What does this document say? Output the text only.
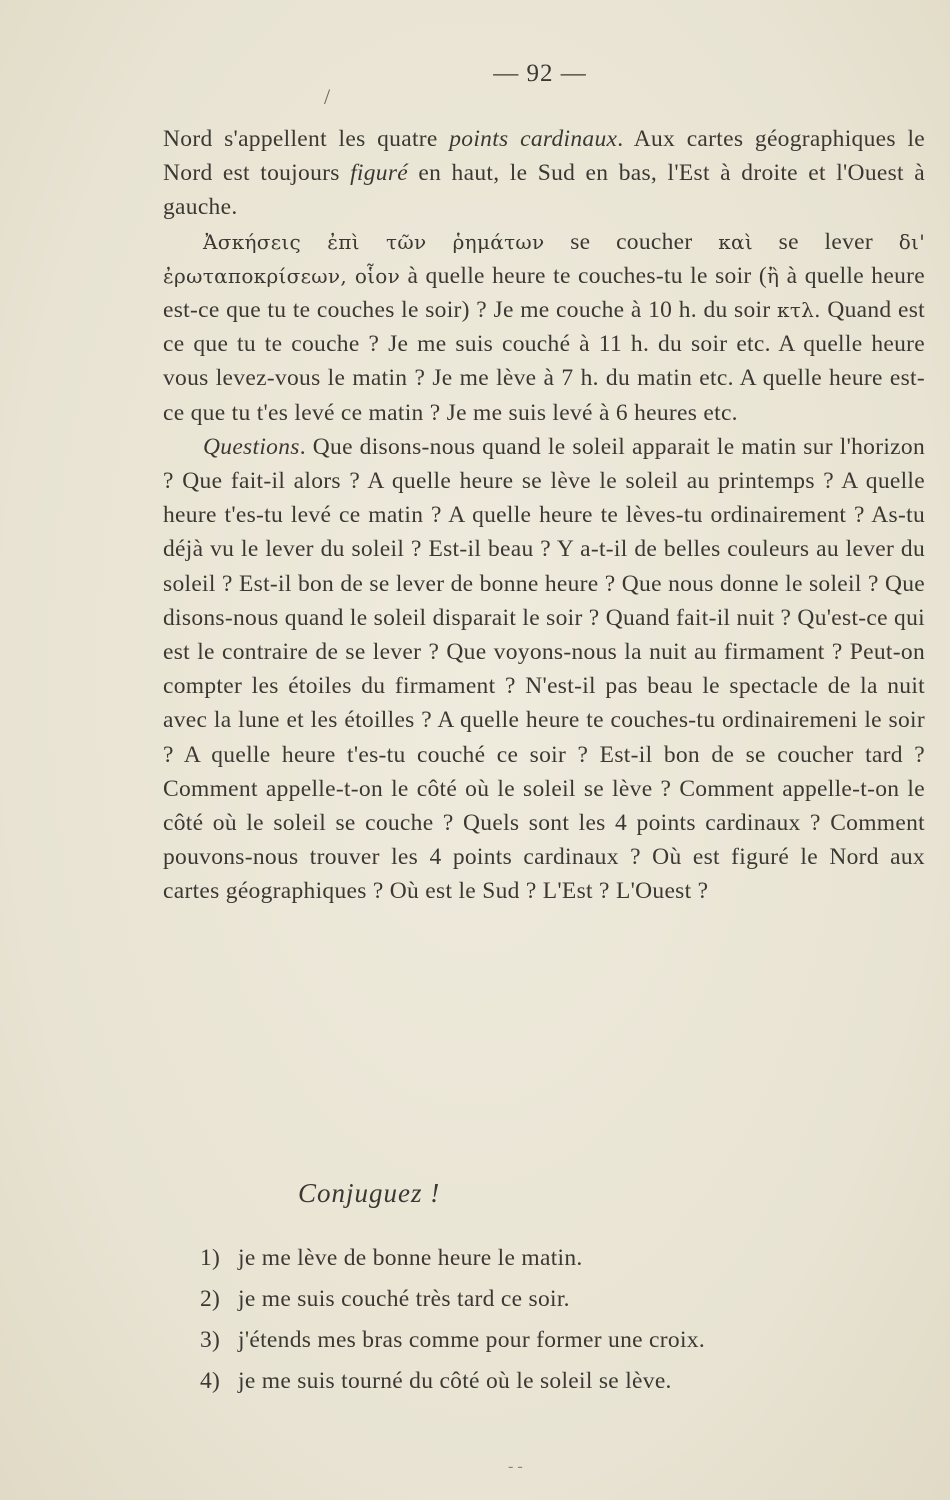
— 92 —
/

Nord s'appellent les quatre points cardinaux. Aux cartes géographiques le Nord est toujours figuré en haut, le Sud en bas, l'Est à droite et l'Ouest à gauche.

Ἀσκήσεις ἐπὶ τῶν ῥημάτων se coucher καὶ se lever δι' ἐρωταποκρίσεων, οἷον à quelle heure te couches-tu le soir (ἢ à quelle heure est-ce que tu te couches le soir) ? Je me couche à 10 h. du soir κτλ. Quand est ce que tu te couche ? Je me suis couché à 11 h. du soir etc. A quelle heure vous levez-vous le matin ? Je me lève à 7 h. du matin etc. A quelle heure est-ce que tu t'es levé ce matin ? Je me suis levé à 6 heures etc.

Questions. Que disons-nous quand le soleil apparait le matin sur l'horizon ? Que fait-il alors ? A quelle heure se lève le soleil au printemps ? A quelle heure t'es-tu levé ce matin ? A quelle heure te lèves-tu ordinairement ? As-tu déjà vu le lever du soleil ? Est-il beau ? Y a-t-il de belles couleurs au lever du soleil ? Est-il bon de se lever de bonne heure ? Que nous donne le soleil ? Que disons-nous quand le soleil disparait le soir ? Quand fait-il nuit ? Qu'est-ce qui est le contraire de se lever ? Que voyons-nous la nuit au firmament ? Peut-on compter les étoiles du firmament ? N'est-il pas beau le spectacle de la nuit avec la lune et les étoilles ? A quelle heure te couches-tu ordinairemeni le soir ? A quelle heure t'es-tu couché ce soir ? Est-il bon de se coucher tard ? Comment appelle-t-on le côté où le soleil se lève ? Comment appelle-t-on le côté où le soleil se couche ? Quels sont les 4 points cardinaux ? Comment pouvons-nous trouver les 4 points cardinaux ? Où est figuré le Nord aux cartes géographiques ? Où est le Sud ? L'Est ? L'Ouest ?

Conjuguez !
1) je me lève de bonne heure le matin.
2) je me suis couché très tard ce soir.
3) j'étends mes bras comme pour former une croix.
4) je me suis tourné du côté où le soleil se lève.
- -
